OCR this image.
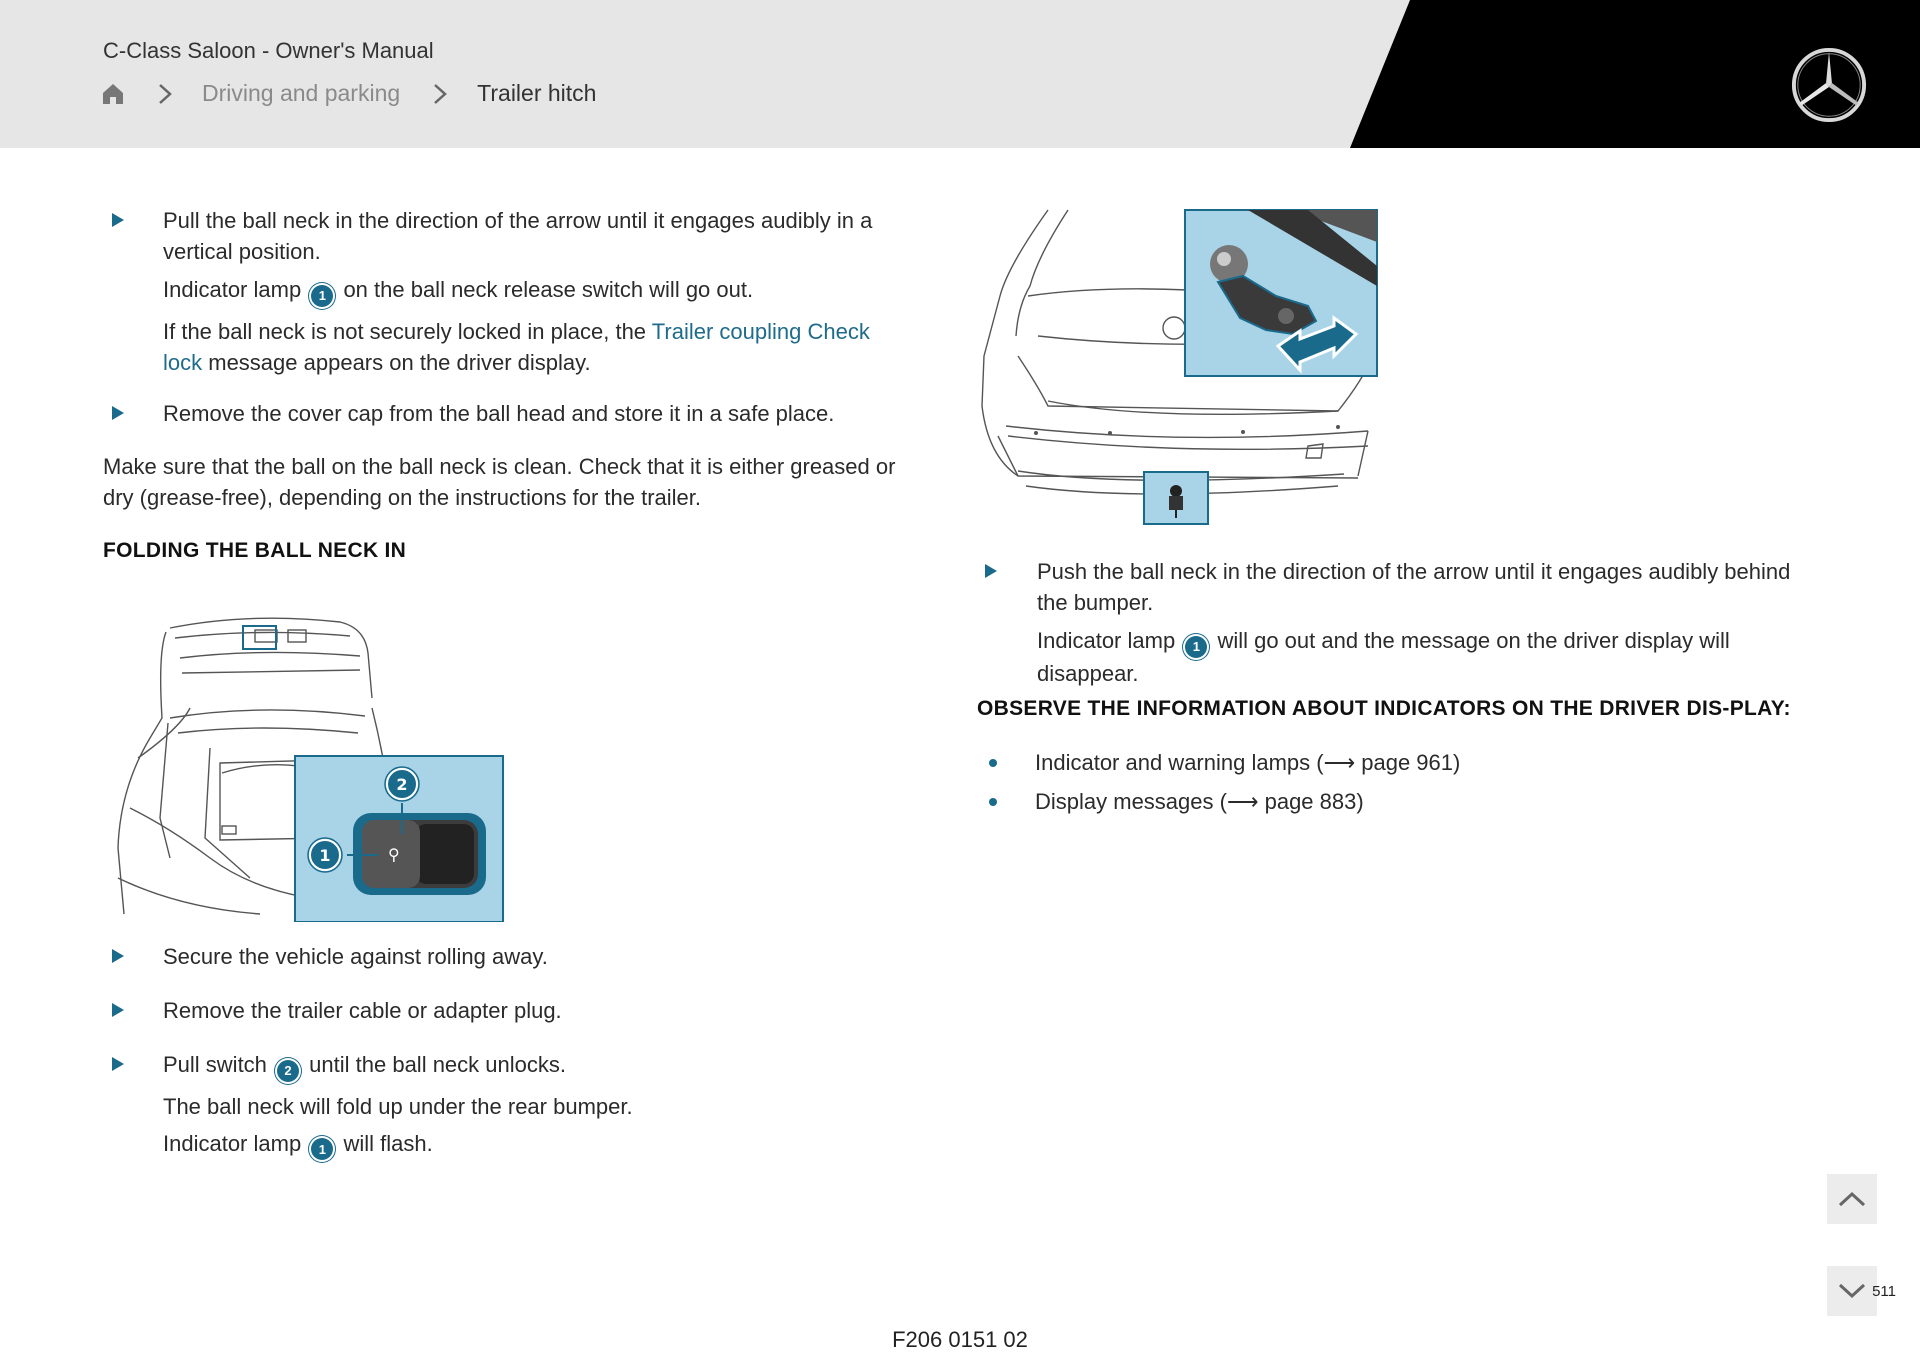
C-Class Saloon - Owner's Manual
Driving and parking	Trailer hitch
Pull the ball neck in the direction of the arrow until it engages audibly in a vertical position.
Indicator lamp 1 on the ball neck release switch will go out.
If the ball neck is not securely locked in place, the Trailer coupling Check lock message appears on the driver display.
Remove the cover cap from the ball head and store it in a safe place.
Make sure that the ball on the ball neck is clean. Check that it is either greased or dry (grease-free), depending on the instructions for the trailer.
FOLDING THE BALL NECK IN
⚲
2
1
Secure the vehicle against rolling away.
Remove the trailer cable or adapter plug.
Pull switch 2 until the ball neck unlocks.
The ball neck will fold up under the rear bumper.
Indicator lamp 1 will flash.
Push the ball neck in the direction of the arrow until it engages audibly behind the bumper.
Indicator lamp 1 will go out and the message on the driver display will disappear.
OBSERVE THE INFORMATION ABOUT INDICATORS ON THE DRIVER DIS-PLAY:
Indicator and warning lamps (⟶ page 961)
Display messages (⟶ page 883)
511
F206 0151 02
